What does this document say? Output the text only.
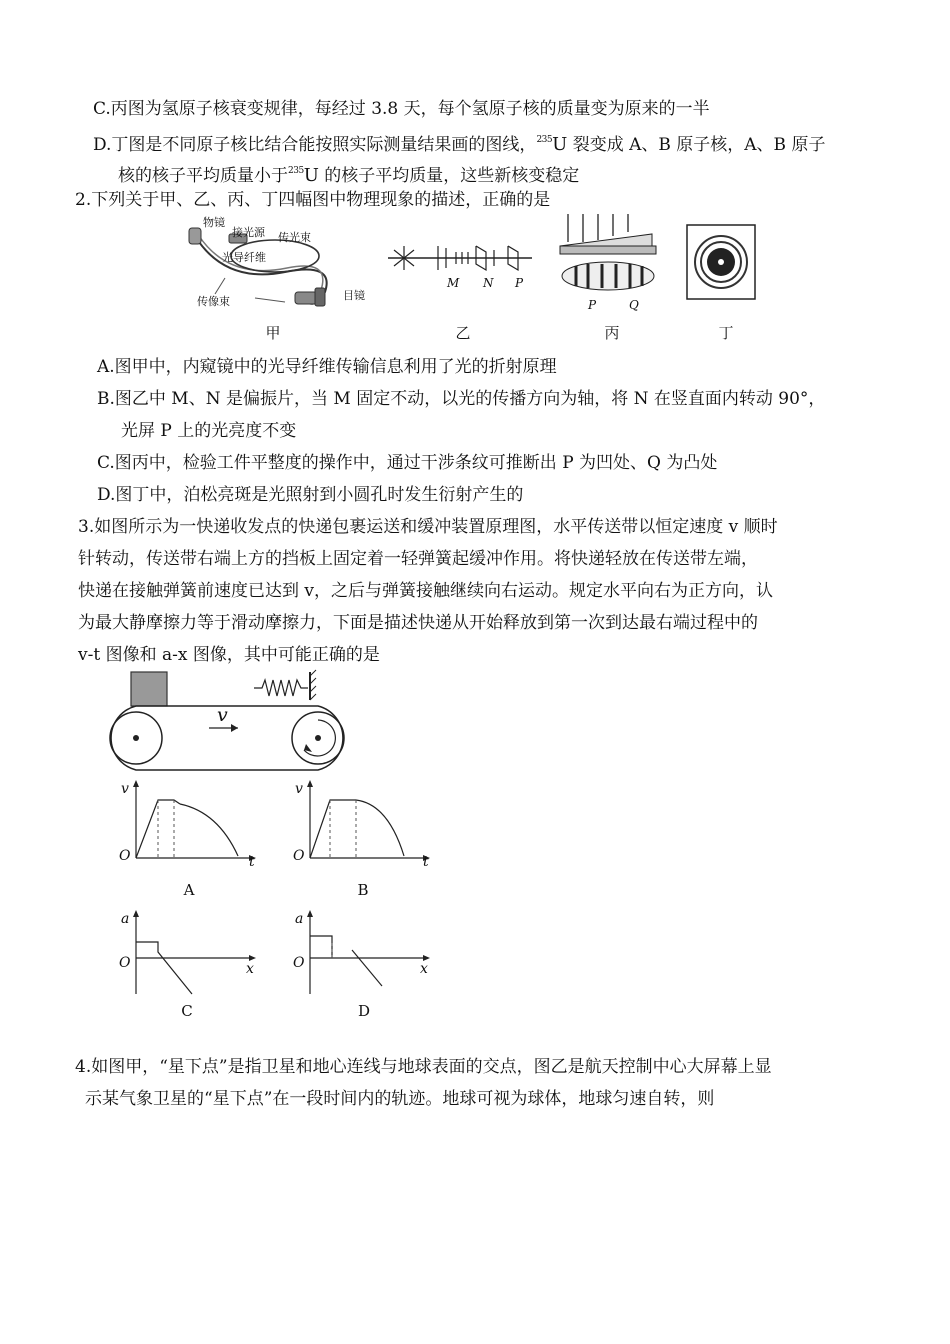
C.丙图为氢原子核衰变规律，每经过 3.8 天，每个氢原子核的质量变为原来的一半
D.丁图是不同原子核比结合能按照实际测量结果画的图线，$^{235}$U 裂变成 A、B 原子核，A、B 原子
核的核子平均质量小于$^{235}$U 的核子平均质量，这些新核变稳定
2.下列关于甲、乙、丙、丁四幅图中物理现象的描述，正确的是
物镜
接光源 传光束
光导纤维
传像束	目镜
甲
M N P
乙
P	Q
丙	丁
A.图甲中，内窥镜中的光导纤维传输信息利用了光的折射原理
B.图乙中 M、N 是偏振片，当 M 固定不动，以光的传播方向为轴，将 N 在竖直面内转动 90°，
光屏 P 上的光亮度不变
C.图丙中，检验工件平整度的操作中，通过干涉条纹可推断出 P 为凹处、Q 为凸处
D.图丁中，泊松亮斑是光照射到小圆孔时发生衍射产生的
3.如图所示为一快递收发点的快递包裹运送和缓冲装置原理图，水平传送带以恒定速度 v 顺时
针转动，传送带右端上方的挡板上固定着一轻弹簧起缓冲作用。将快递轻放在传送带左端，
快递在接触弹簧前速度已达到 v，之后与弹簧接触继续向右运动。规定水平向右为正方向，认
为最大静摩擦力等于滑动摩擦力，下面是描述快递从开始释放到第一次到达最右端过程中的
v-t 图像和 a-x 图像，其中可能正确的是
v
v
O	t
A
v
O	t
B
a
O	x
C
a
O	x
D
4.如图甲，“星下点”是指卫星和地心连线与地球表面的交点，图乙是航天控制中心大屏幕上显
示某气象卫星的“星下点”在一段时间内的轨迹。地球可视为球体，地球匀速自转，则
